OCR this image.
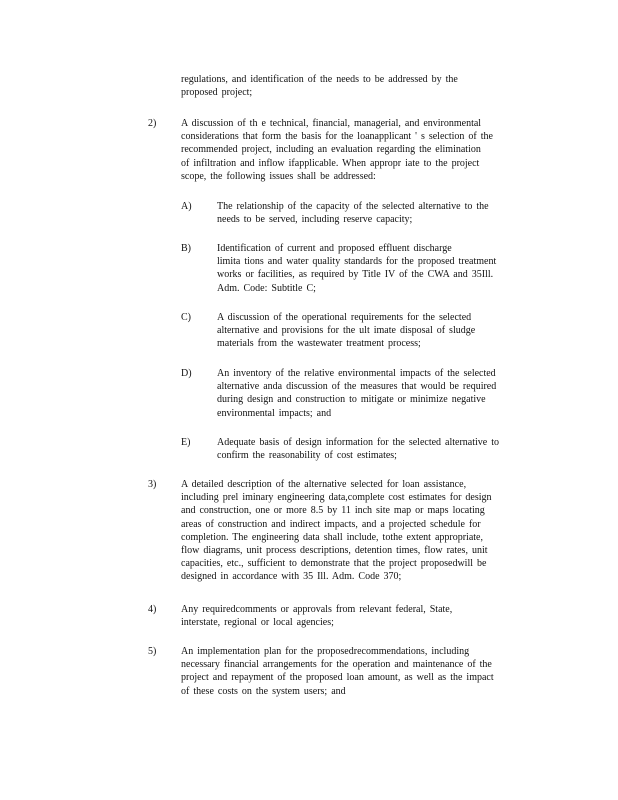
regulations, and identification of the needs to be addressed by the

proposed project;

2) A discussion of th e technical, financial, managerial, and environmental

considerations that form the basis for the loanapplicant ' s selection of the

recommended project, including an evaluation regarding the elimination

of infiltration and inflow ifapplicable. When appropr iate to the project

scope, the following issues shall be addressed:

A)	The relationship of the capacity of the selected alternative to the

needs to be served, including reserve capacity;

B)	Identification of current and proposed effluent discharge

limita tions and water quality standards for the proposed treatment

works or facilities, as required by Title IV of the CWA and 35Ill.

Adm. Code: Subtitle C;

C)	A discussion of the operational requirements for the selected

alternative and provisions for the ult imate disposal of sludge

materials from the wastewater treatment process;

D)	An inventory of the relative environmental impacts of the selected

alternative anda discussion of the measures that would be required

during design and construction to mitigate or minimize negative

environmental impacts; and

E)	Adequate basis of design information for the selected alternative to

confirm the reasonability of cost estimates;

3) A detailed description of the alternative selected for loan assistance,

including prel iminary engineering data,complete cost estimates for design

and construction, one or more 8.5 by 11 inch site map or maps locating

areas of construction and indirect impacts, and a projected schedule for

completion. The engineering data shall include, tothe extent appropriate,

flow diagrams, unit process descriptions, detention times, flow rates, unit

capacities, etc., sufficient to demonstrate that the project proposedwill be

designed in accordance with 35 Ill. Adm. Code 370;

4) Any requiredcomments or approvals from relevant federal, State,

interstate, regional or local agencies;

5) An implementation plan for the proposedrecommendations, including

necessary financial arrangements for the operation and maintenance of the

project and repayment of the proposed loan amount, as well as the impact

of these costs on the system users; and
